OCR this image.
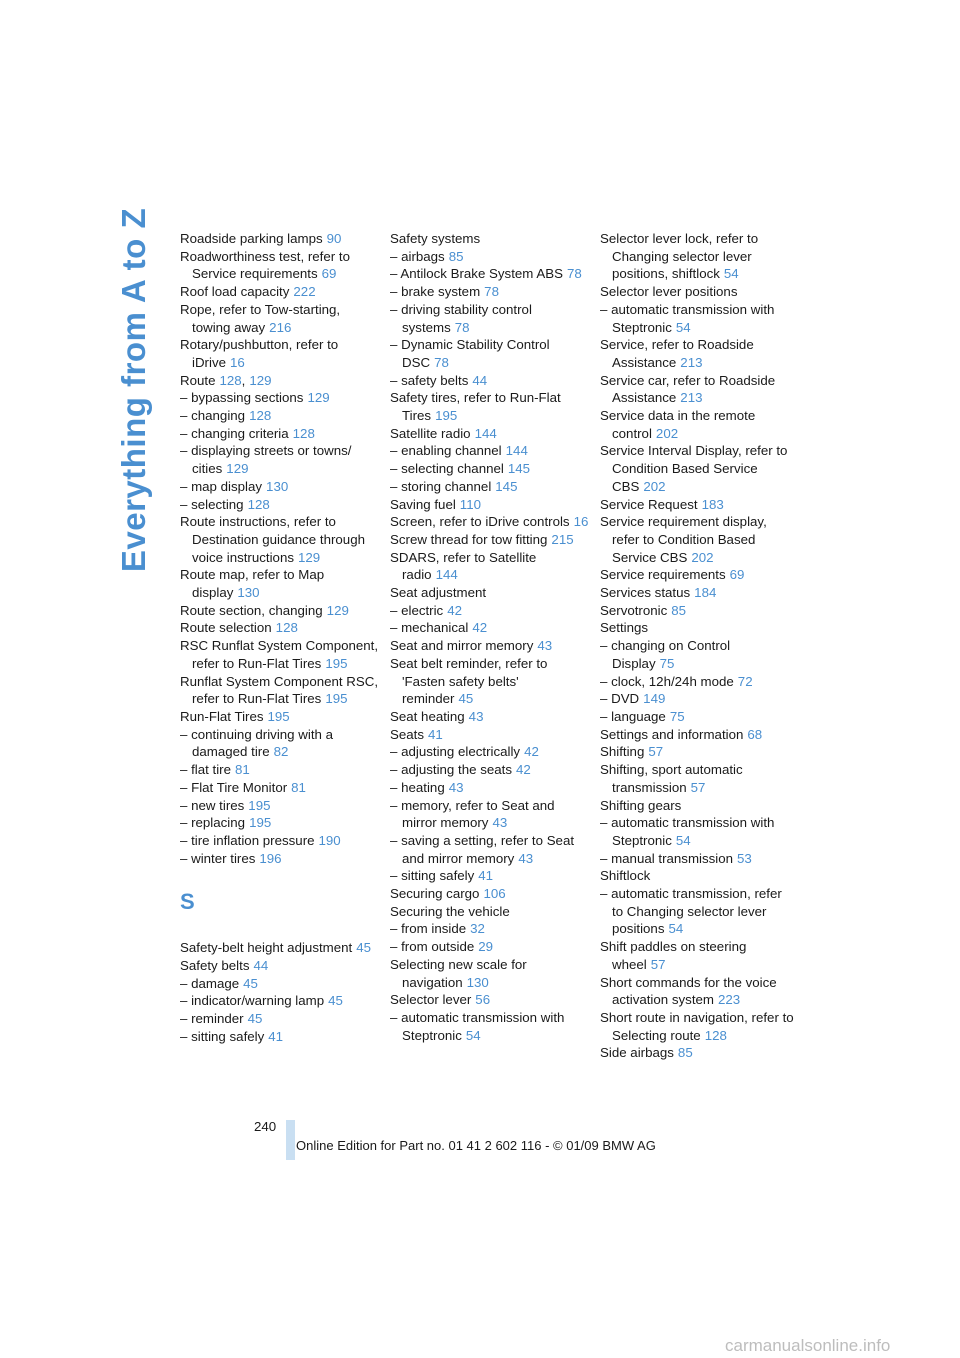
Everything from A to Z Roadside parking lamps 90
Roadworthiness test, refer to Service requirements 69
Roof load capacity 222
Rope, refer to Tow-starting, towing away 216
Rotary/pushbutton, refer to iDrive 16
Route 128, 129
– bypassing sections 129
– changing 128
– changing criteria 128
– displaying streets or towns/ cities 129
– map display 130
– selecting 128
Route instructions, refer to Destination guidance through voice instructions 129
Route map, refer to Map display 130
Route section, changing 129
Route selection 128
RSC Runflat System Component, refer to Run-Flat Tires 195
Runflat System Component RSC, refer to Run-Flat Tires 195
Run-Flat Tires 195
– continuing driving with a damaged tire 82
– flat tire 81
– Flat Tire Monitor 81
– new tires 195
– replacing 195
– tire inflation pressure 190
– winter tires 196
S
Safety-belt height adjustment 45
Safety belts 44
– damage 45
– indicator/warning lamp 45
– reminder 45
– sitting safely 41
Safety systems
– airbags 85
– Antilock Brake System ABS 78
– brake system 78
– driving stability control systems 78
– Dynamic Stability Control DSC 78
– safety belts 44
Safety tires, refer to Run-Flat Tires 195
Satellite radio 144
– enabling channel 144
– selecting channel 145
– storing channel 145
Saving fuel 110
Screen, refer to iDrive controls 16
Screw thread for tow fitting 215
SDARS, refer to Satellite radio 144
Seat adjustment
– electric 42
– mechanical 42
Seat and mirror memory 43
Seat belt reminder, refer to 'Fasten safety belts' reminder 45
Seat heating 43
Seats 41
– adjusting electrically 42
– adjusting the seats 42
– heating 43
– memory, refer to Seat and mirror memory 43
– saving a setting, refer to Seat and mirror memory 43
– sitting safely 41
Securing cargo 106
Securing the vehicle
– from inside 32
– from outside 29
Selecting new scale for navigation 130
Selector lever 56
– automatic transmission with Steptronic 54
Selector lever lock, refer to Changing selector lever positions, shiftlock 54
Selector lever positions
– automatic transmission with Steptronic 54
Service, refer to Roadside Assistance 213
Service car, refer to Roadside Assistance 213
Service data in the remote control 202
Service Interval Display, refer to Condition Based Service CBS 202
Service Request 183
Service requirement display, refer to Condition Based Service CBS 202
Service requirements 69
Services status 184
Servotronic 85
Settings
– changing on Control Display 75
– clock, 12h/24h mode 72
– DVD 149
– language 75
Settings and information 68
Shifting 57
Shifting, sport automatic transmission 57
Shifting gears
– automatic transmission with Steptronic 54
– manual transmission 53
Shiftlock
– automatic transmission, refer to Changing selector lever positions 54
Shift paddles on steering wheel 57
Short commands for the voice activation system 223
Short route in navigation, refer to Selecting route 128
Side airbags 85
240
Online Edition for Part no. 01 41 2 602 116 - © 01/09 BMW AG
carmanualsonline.info
